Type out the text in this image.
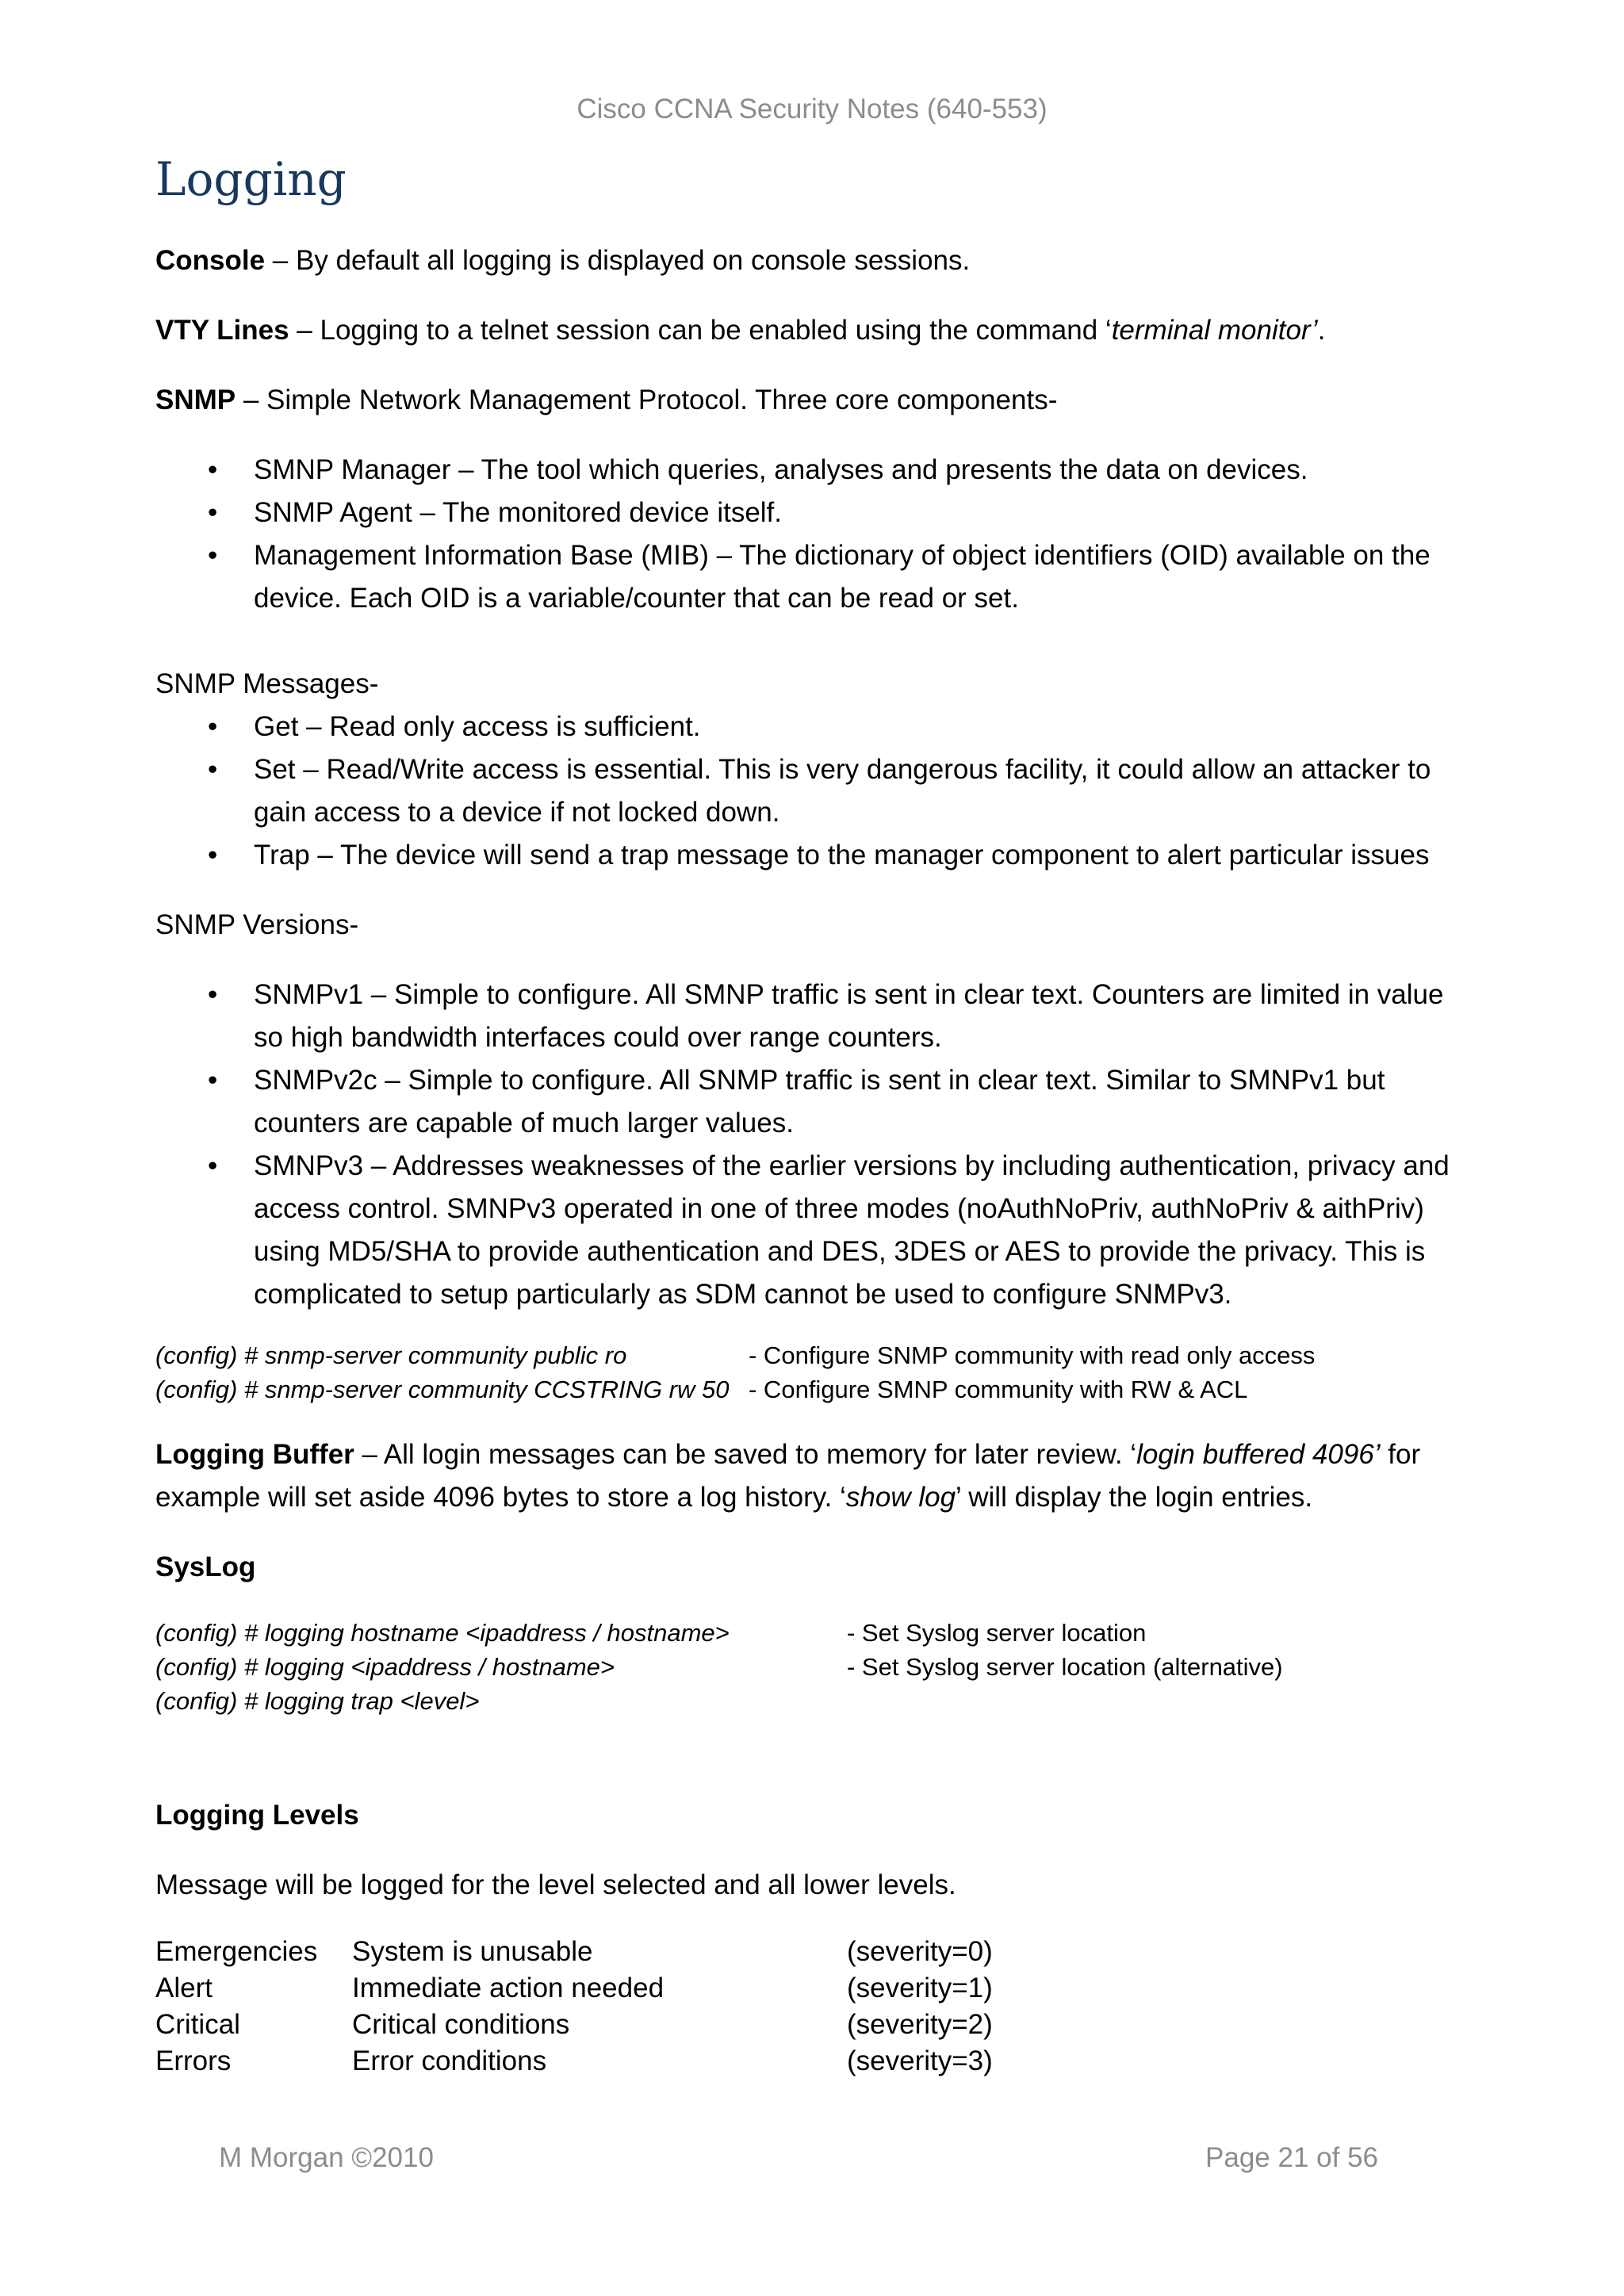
Cisco CCNA Security Notes (640-553)
Logging

Console – By default all logging is displayed on console sessions.

VTY Lines – Logging to a telnet session can be enabled using the command ‘terminal monitor’.

SNMP – Simple Network Management Protocol. Three core components-

• SMNP Manager – The tool which queries, analyses and presents the data on devices.
• SNMP Agent – The monitored device itself.
• Management Information Base (MIB) – The dictionary of object identifiers (OID) available on the device. Each OID is a variable/counter that can be read or set.

SNMP Messages-

• Get – Read only access is sufficient.
• Set – Read/Write access is essential. This is very dangerous facility, it could allow an attacker to gain access to a device if not locked down.
• Trap – The device will send a trap message to the manager component to alert particular issues

SNMP Versions-

• SNMPv1 – Simple to configure. All SMNP traffic is sent in clear text. Counters are limited in value so high bandwidth interfaces could over range counters.
• SNMPv2c – Simple to configure. All SNMP traffic is sent in clear text. Similar to SMNPv1 but counters are capable of much larger values.
• SMNPv3 – Addresses weaknesses of the earlier versions by including authentication, privacy and access control. SMNPv3 operated in one of three modes (noAuthNoPriv, authNoPriv & aithPriv) using MD5/SHA to provide authentication and DES, 3DES or AES to provide the privacy. This is complicated to setup particularly as SDM cannot be used to configure SNMPv3.
(config) # snmp-server community public ro	- Configure SNMP community with read only access
(config) # snmp-server community CCSTRING rw 50	- Configure SMNP community with RW & ACL

Logging Buffer – All login messages can be saved to memory for later review. ‘login buffered 4096’ for example will set aside 4096 bytes to store a log history. ‘show log’ will display the login entries.

SysLog

(config) # logging hostname <ipaddress / hostname>	- Set Syslog server location
(config) # logging <ipaddress / hostname>	- Set Syslog server location (alternative)
(config) # logging trap <level>	

Logging Levels

Message will be logged for the level selected and all lower levels.

Emergencies	System is unusable	(severity=0)
Alert	Immediate action needed	(severity=1)
Critical	Critical conditions	(severity=2)
Errors	Error conditions	(severity=3)
M Morgan ©2010	Page 21 of 56
